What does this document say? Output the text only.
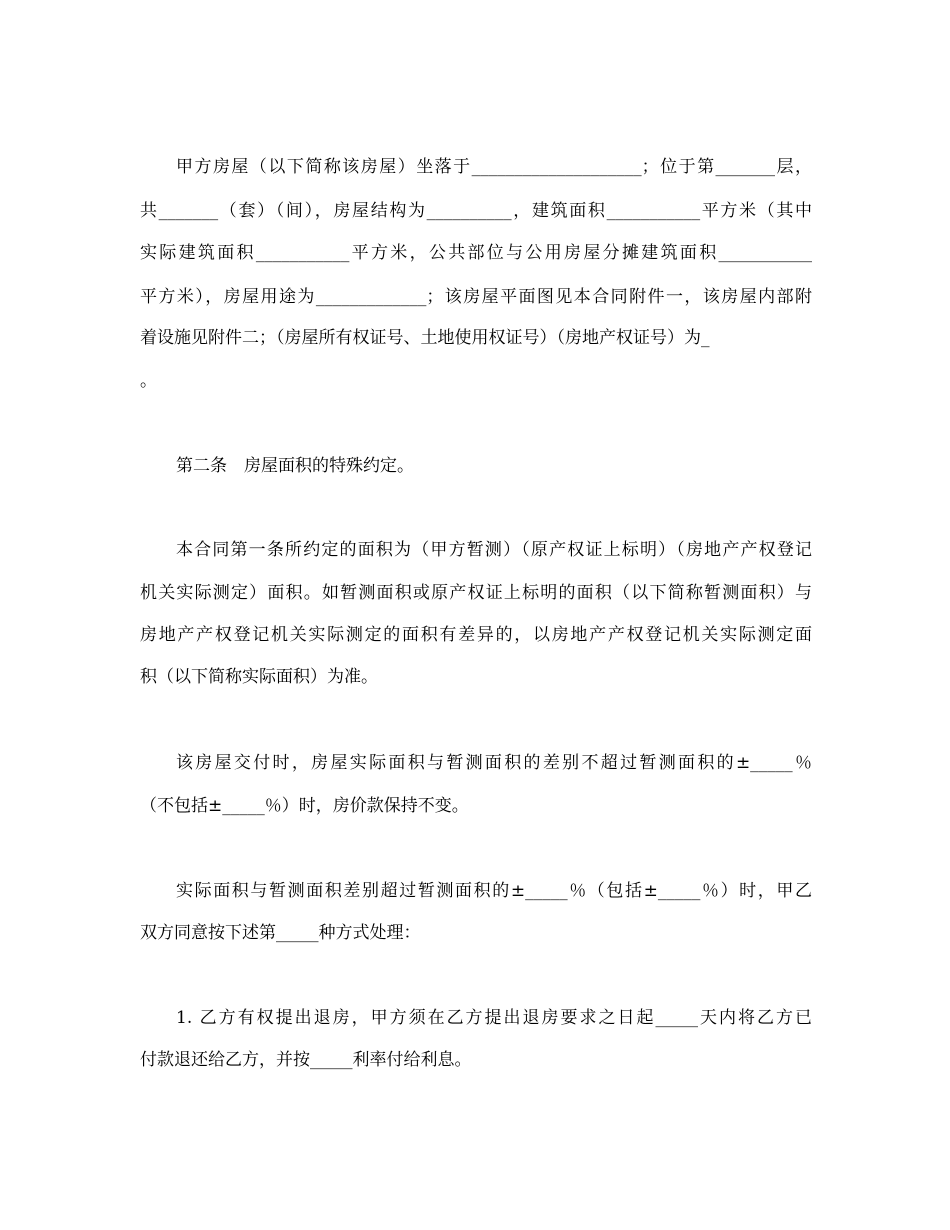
甲方房屋（以下简称该房屋）坐落于____________________；位于第_______层，
共_______（套）（间），房屋结构为__________，建筑面积___________平方米（其中
实际建筑面积___________平方米，公共部位与公用房屋分摊建筑面积___________
平方米），房屋用途为_____________；该房屋平面图见本合同附件一，该房屋内部附
着设施见附件二；（房屋所有权证号、土地使用权证号）（房地产权证号）为_
。
第二条　房屋面积的特殊约定。
本合同第一条所约定的面积为（甲方暂测）（原产权证上标明）（房地产产权登记
机关实际测定）面积。如暂测面积或原产权证上标明的面积（以下简称暂测面积）与
房地产产权登记机关实际测定的面积有差异的，以房地产产权登记机关实际测定面
积（以下简称实际面积）为准。
该房屋交付时，房屋实际面积与暂测面积的差别不超过暂测面积的±_____％
（不包括±_____％）时，房价款保持不变。
实际面积与暂测面积差别超过暂测面积的±_____％（包括±_____％）时，甲乙
双方同意按下述第_____种方式处理：
1. 乙方有权提出退房，甲方须在乙方提出退房要求之日起_____天内将乙方已
付款退还给乙方，并按_____利率付给利息。
